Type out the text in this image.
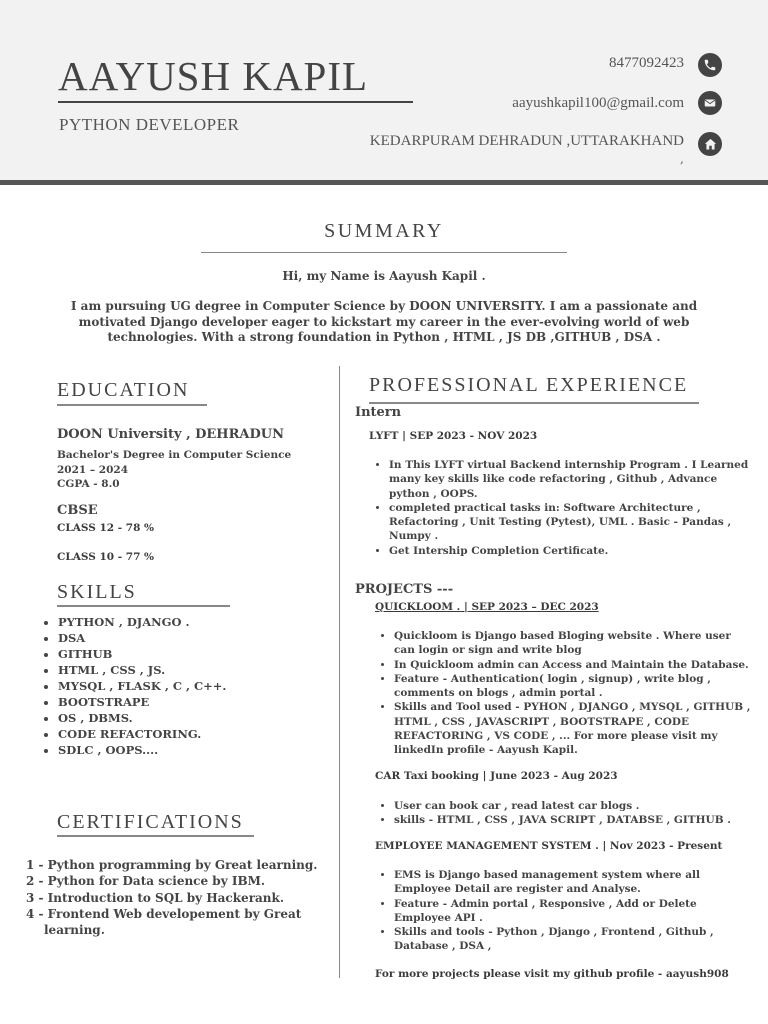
AAYUSH KAPIL
PYTHON DEVELOPER
8477092423
aayushkapil100@gmail.com
KEDARPURAM DEHRADUN ,UTTARAKHAND
,
SUMMARY
Hi, my Name is Aayush Kapil .
I am pursuing UG degree in Computer Science by DOON UNIVERSITY. I am a passionate and motivated Django developer eager to kickstart my career in the ever-evolving world of web technologies. With a strong foundation in Python , HTML , JS DB ,GITHUB , DSA .
EDUCATION
DOON University , DEHRADUN
Bachelor's Degree in Computer Science
2021 – 2024
CGPA - 8.0
CBSE
CLASS 12 - 78 %
CLASS 10 - 77 %
SKILLS
• PYTHON , DJANGO .
• DSA
• GITHUB
• HTML , CSS , JS.
• MYSQL , FLASK , C , C++.
• BOOTSTRAPE
• OS , DBMS.
• CODE REFACTORING.
• SDLC , OOPS....
CERTIFICATIONS
1 - Python programming by Great learning.
2 - Python for Data science by IBM.
3 - Introduction to SQL by Hackerank.
4 - Frontend Web developement by Great learning.
PROFESSIONAL EXPERIENCE
Intern
LYFT | SEP 2023 - NOV 2023
• In This LYFT virtual Backend internship Program . I Learned many key skills like code refactoring , Github , Advance python , OOPS.
• completed practical tasks in: Software Architecture , Refactoring , Unit Testing (Pytest), UML . Basic - Pandas , Numpy .
• Get Intership Completion Certificate.
PROJECTS ---
QUICKLOOM . | SEP 2023 – DEC 2023
• Quickloom is Django based Bloging website . Where user can login or sign and write blog
• In Quickloom admin can Access and Maintain the Database.
• Feature - Authentication( login , signup) , write blog , comments on blogs , admin portal .
• Skills and Tool used - PYHON , DJANGO , MYSQL , GITHUB , HTML , CSS , JAVASCRIPT , BOOTSTRAPE , CODE REFACTORING , VS CODE , ... For more please visit my linkedIn profile - Aayush Kapil.
CAR Taxi booking | June 2023 - Aug 2023
• User can book car , read latest car blogs .
• skills - HTML , CSS , JAVA SCRIPT , DATABSE , GITHUB .
EMPLOYEE MANAGEMENT SYSTEM . | Nov 2023 - Present
• EMS is Django based management system where all Employee Detail are register and Analyse.
• Feature - Admin portal , Responsive , Add or Delete Employee API .
• Skills and tools - Python , Django , Frontend , Github , Database , DSA ,
For more projects please visit my github profile - aayush908
